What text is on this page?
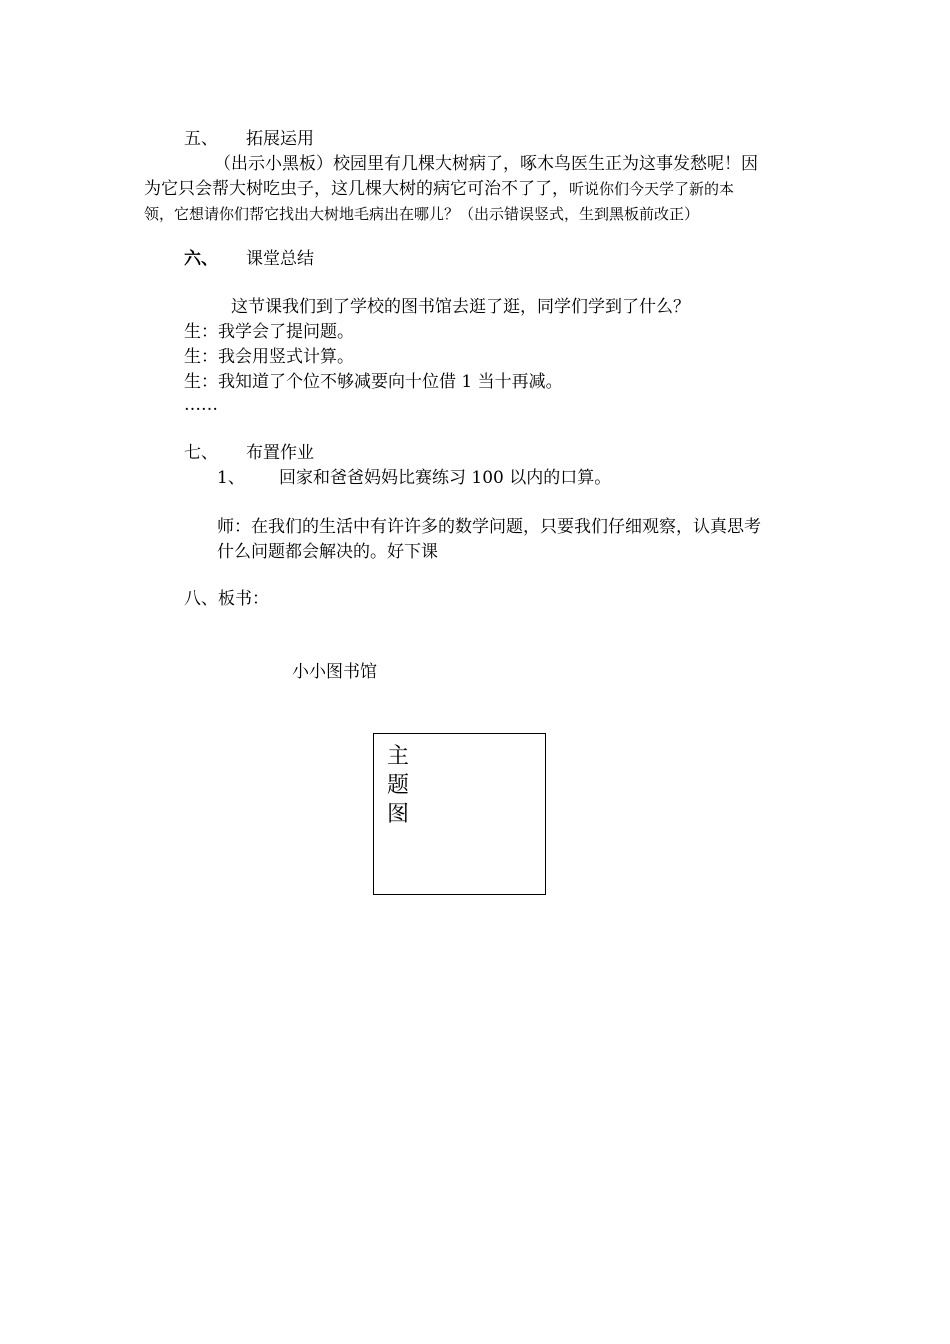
五、 拓展运用
（出示小黑板）校园里有几棵大树病了，啄木鸟医生正为这事发愁呢！因
为它只会帮大树吃虫子，这几棵大树的病它可治不了了，听说你们今天学了新的本
领，它想请你们帮它找出大树地毛病出在哪儿？（出示错误竖式，生到黑板前改正）
六、 课堂总结
这节课我们到了学校的图书馆去逛了逛，同学们学到了什么？
生：我学会了提问题。
生：我会用竖式计算。
生：我知道了个位不够减要向十位借 1 当十再减。
……
七、 布置作业
1、 回家和爸爸妈妈比赛练习 100 以内的口算。
师：在我们的生活中有许许多的数学问题，只要我们仔细观察，认真思考
什么问题都会解决的。好下课
八、板书：
小小图书馆
主
题
图
